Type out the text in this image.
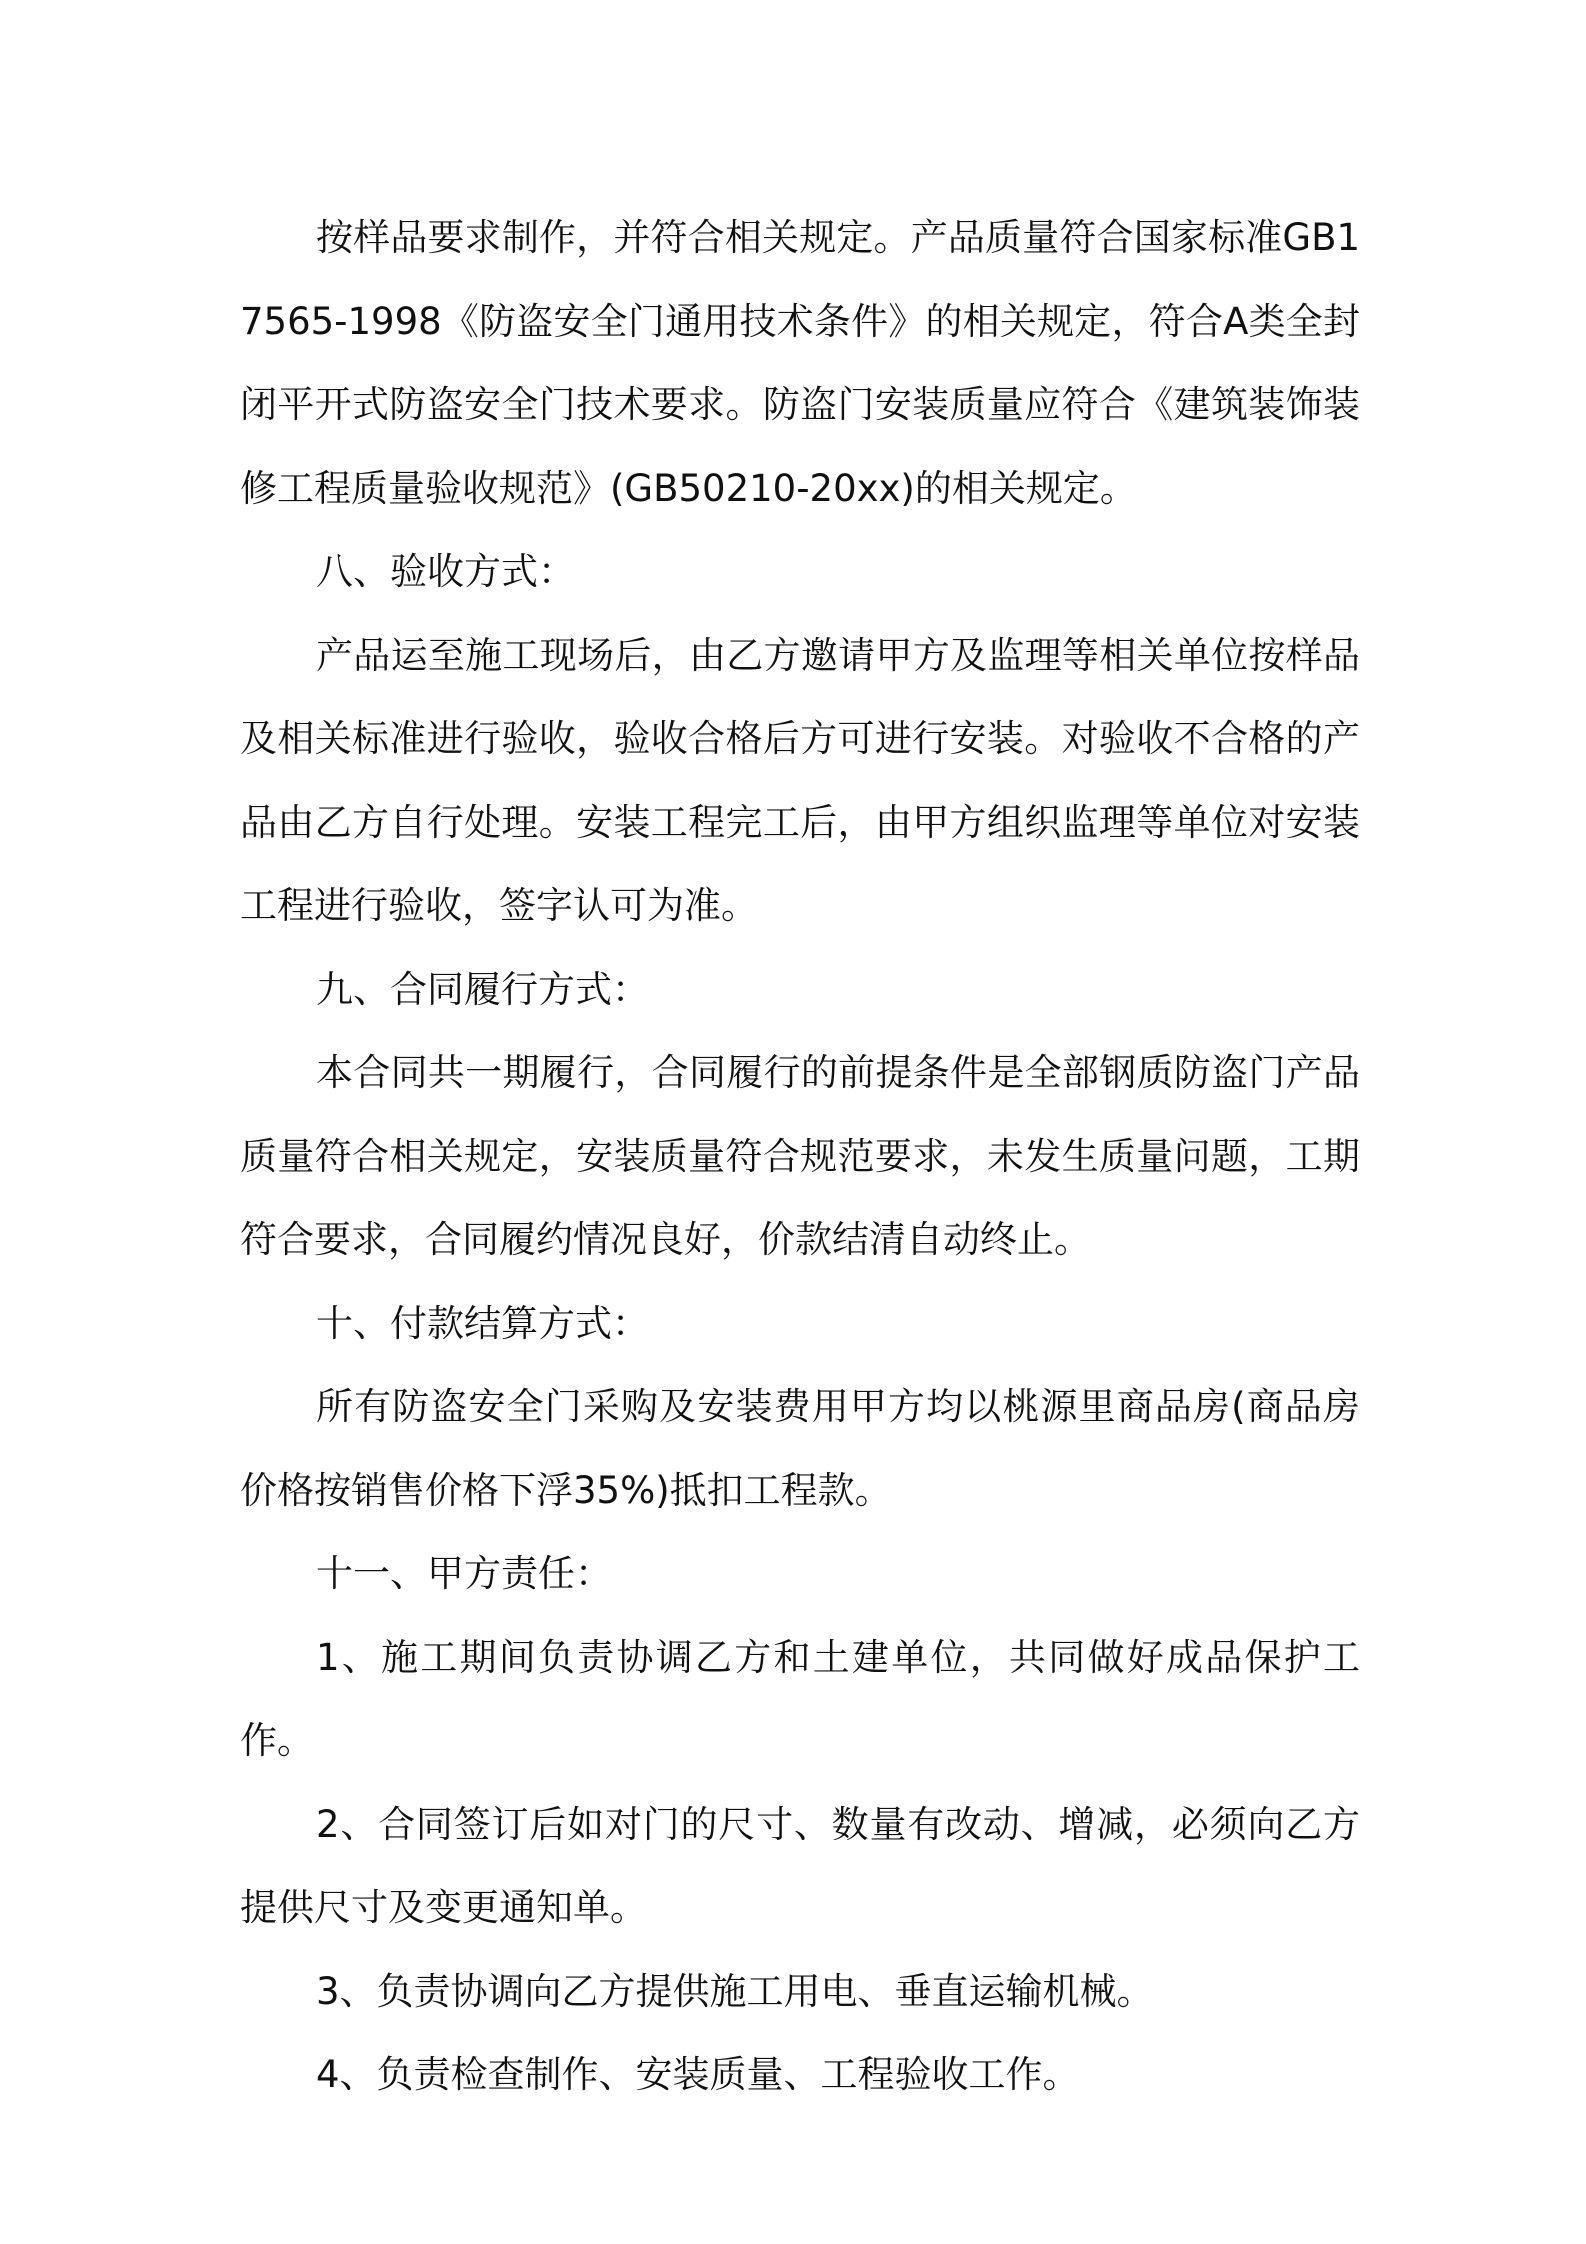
按样品要求制作，并符合相关规定。产品质量符合国家标准GB17565-1998《防盗安全门通用技术条件》的相关规定，符合A类全封闭平开式防盗安全门技术要求。防盗门安装质量应符合《建筑装饰装修工程质量验收规范》(GB50210-20xx)的相关规定。

八、验收方式：

产品运至施工现场后，由乙方邀请甲方及监理等相关单位按样品及相关标准进行验收，验收合格后方可进行安装。对验收不合格的产品由乙方自行处理。安装工程完工后，由甲方组织监理等单位对安装工程进行验收，签字认可为准。

九、合同履行方式：

本合同共一期履行，合同履行的前提条件是全部钢质防盗门产品质量符合相关规定，安装质量符合规范要求，未发生质量问题，工期符合要求，合同履约情况良好，价款结清自动终止。

十、付款结算方式：

所有防盗安全门采购及安装费用甲方均以桃源里商品房(商品房价格按销售价格下浮35%)抵扣工程款。

十一、甲方责任：

1、施工期间负责协调乙方和土建单位，共同做好成品保护工作。

2、合同签订后如对门的尺寸、数量有改动、增减，必须向乙方提供尺寸及变更通知单。

3、负责协调向乙方提供施工用电、垂直运输机械。

4、负责检查制作、安装质量、工程验收工作。
